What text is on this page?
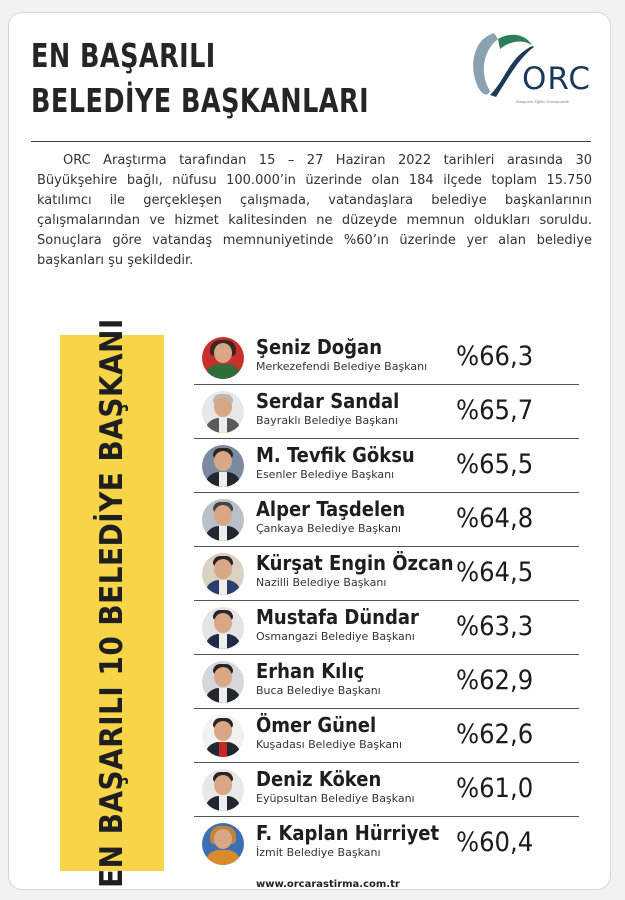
EN BAŞARILI
BELEDİYE BAŞKANLARI
ORC
Araştırma Eğitim Danışmanlık

ORC Araştırma tarafından 15 – 27 Haziran 2022 tarihleri arasında 30 Büyükşehire bağlı, nüfusu 100.000’in üzerinde olan 184 ilçede toplam 15.750 katılımcı ile gerçekleşen çalışmada, vatandaşlara belediye başkanlarının çalışmalarından ve hizmet kalitesinden ne düzeyde memnun oldukları soruldu. Sonuçlara göre vatandaş memnuniyetinde %60’ın üzerinde yer alan belediye başkanları şu şekildedir.

EN BAŞARILI 10 BELEDİYE BAŞKANI	Şeniz Doğan
Merkezefendi Belediye Başkanı %66,3
Serdar Sandal
Bayraklı Belediye Başkanı %65,7
M. Tevfik Göksu
Esenler Belediye Başkanı %65,5
Alper Taşdelen
Çankaya Belediye Başkanı %64,8
Kürşat Engin Özcan
Nazilli Belediye Başkanı	%64,5
Mustafa Dündar
Osmangazi Belediye Başkanı %63,3
Erhan Kılıç
Buca Belediye Başkanı	%62,9
Ömer Günel
Kuşadası Belediye Başkanı %62,6
Deniz Köken
Eyüpsultan Belediye Başkanı %61,0
F. Kaplan Hürriyet
İzmit Belediye Başkanı	%60,4
www.orcarastirma.com.tr
